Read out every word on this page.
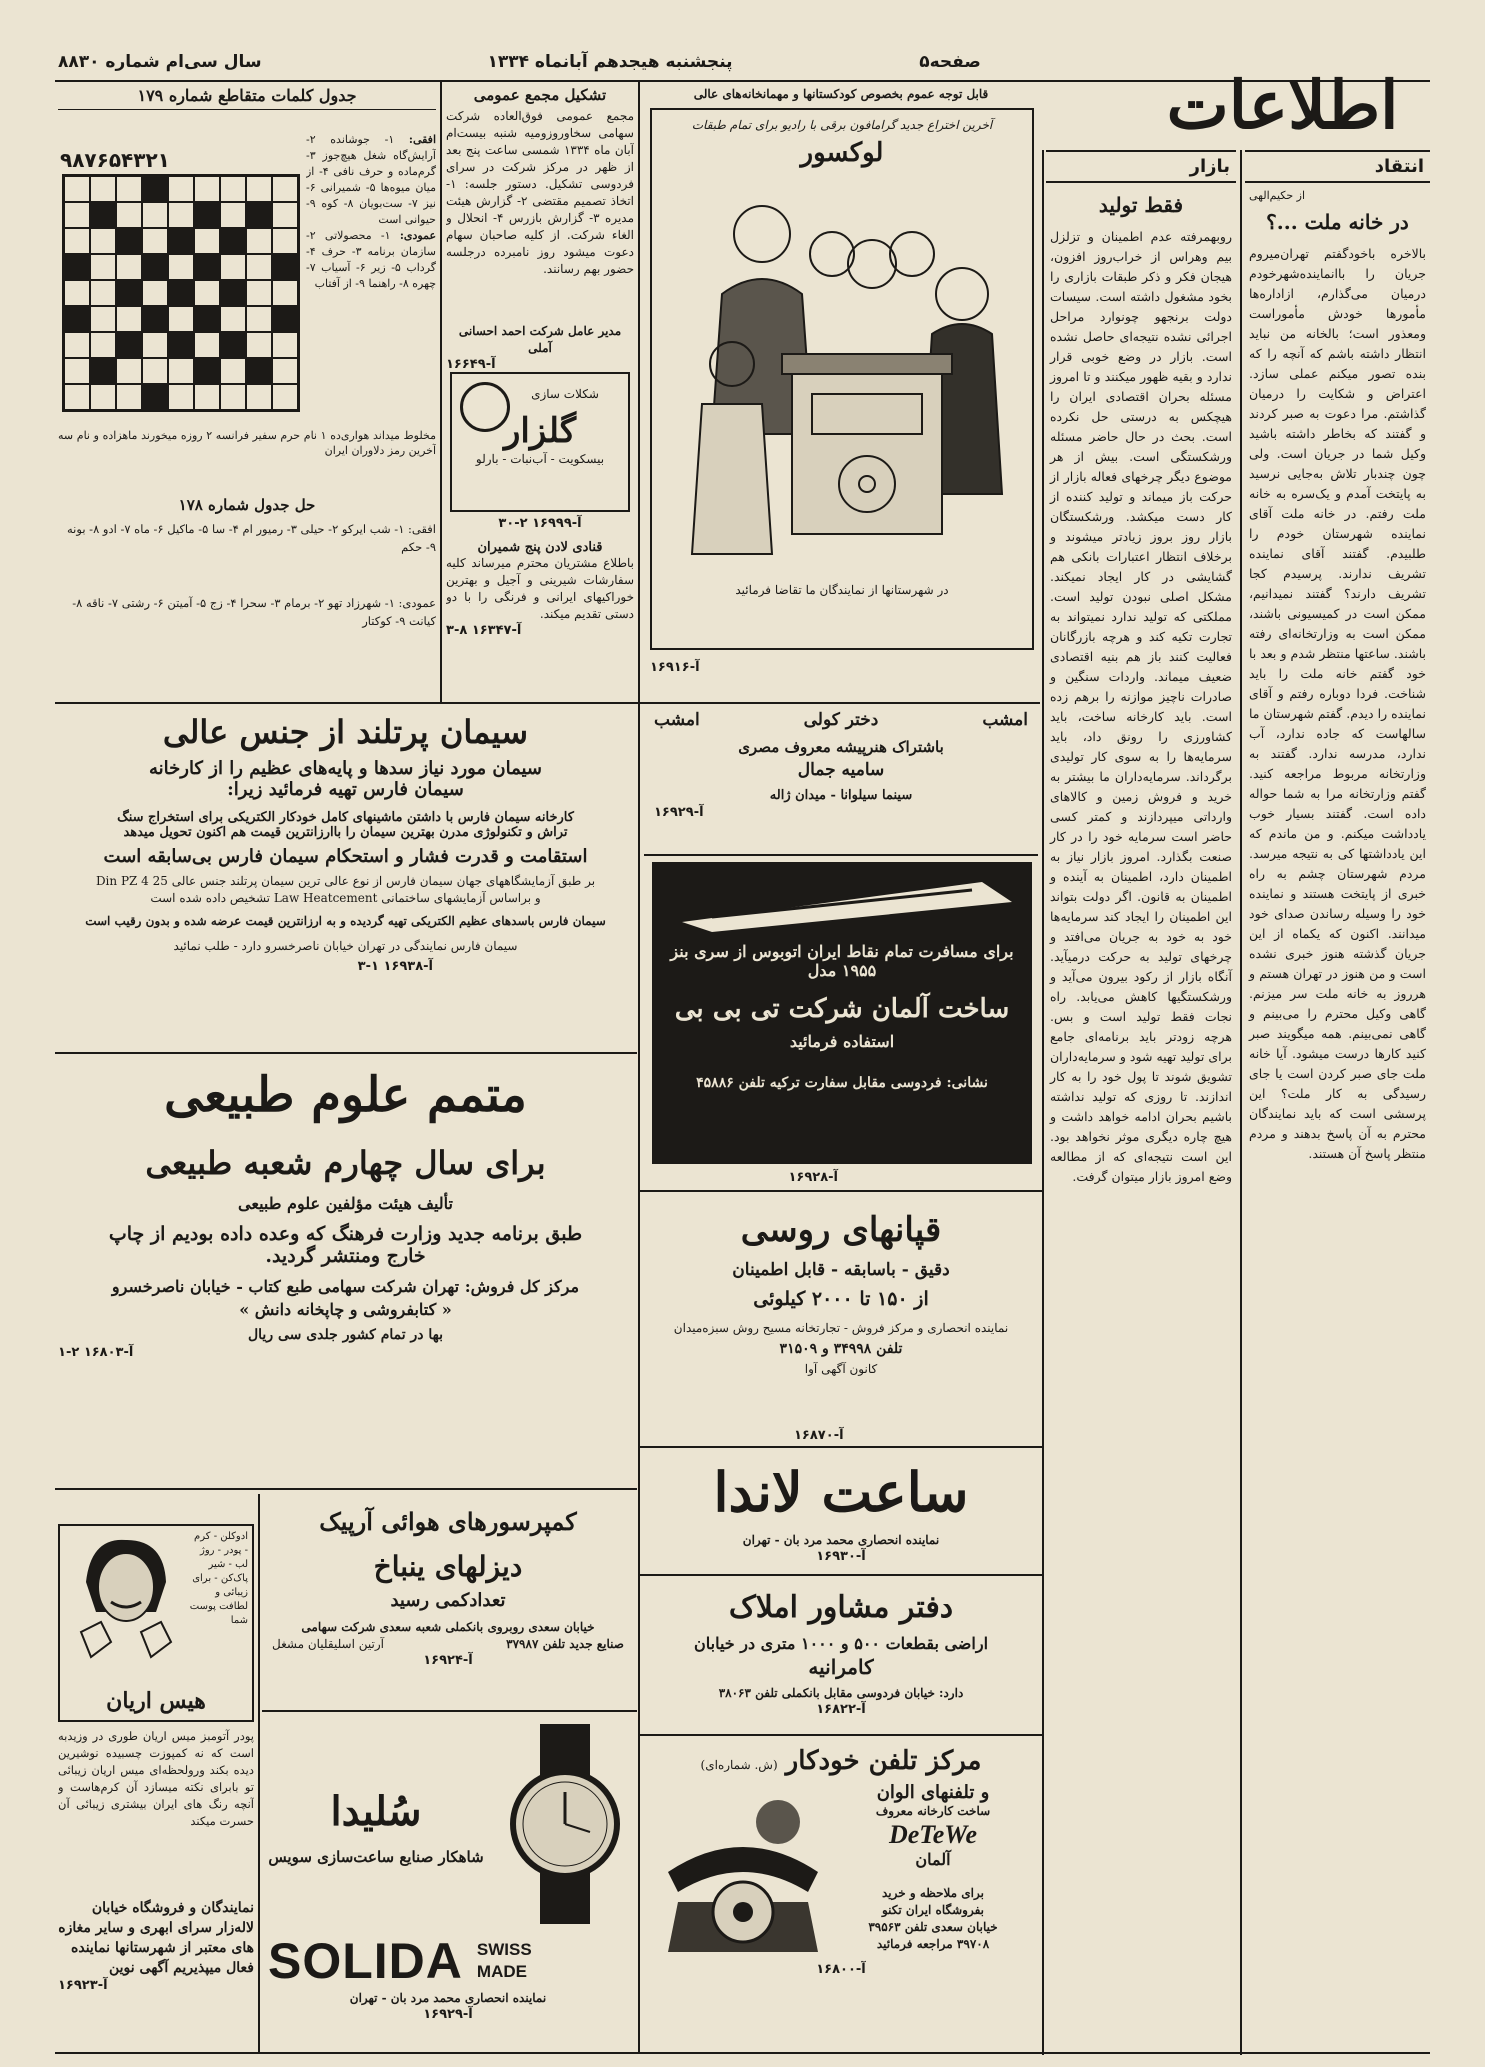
سال سی‌ام شماره ۸۸۳۰	پنجشنبه هیجدهم آبانماه ۱۳۳۴	صفحه۵
اطلاعات
انتقاد
از حکیم‌الهی
در خانه ملت ...؟
بالاخره باخودگفتم تهران‌میروم جریان را باانماینده‌شهرخودم درمیان می‌گذارم، ازاداره‌ها مأمورها خودش مأموراست ومعذور است؛ بالخانه من نباید انتظار داشته باشم که آنچه را که بنده تصور میکنم عملی سازد. اعتراض و شکایت را درمیان گذاشتم. مرا دعوت به صبر کردند و گفتند که بخاطر داشته باشید وکیل شما در جریان است. ولی چون چندبار تلاش به‌جایی نرسید به پایتخت آمدم و یک‌سره به خانه ملت رفتم. در خانه ملت آقای نماینده شهرستان خودم را طلبیدم. گفتند آقای نماینده تشریف ندارند. پرسیدم کجا تشریف دارند؟ گفتند نمیدانیم، ممکن است در کمیسیونی باشند، ممکن است به وزارتخانه‌ای رفته باشند. ساعتها منتظر شدم و بعد با خود گفتم خانه ملت را باید شناخت. فردا دوباره رفتم و آقای نماینده را دیدم. گفتم شهرستان ما سالهاست که جاده ندارد، آب ندارد، مدرسه ندارد. گفتند به وزارتخانه مربوط مراجعه کنید. گفتم وزارتخانه مرا به شما حواله داده است. گفتند بسیار خوب یادداشت میکنم. و من ماندم که این یادداشتها کی به نتیجه میرسد. مردم شهرستان چشم به راه خبری از پایتخت هستند و نماینده خود را وسیله رساندن صدای خود میدانند. اکنون که یکماه از این جریان گذشته هنوز خبری نشده است و من هنوز در تهران هستم و هرروز به خانه ملت سر میزنم. گاهی وکیل محترم را می‌بینم و گاهی نمی‌بینم. همه میگویند صبر کنید کارها درست میشود. آیا خانه ملت جای صبر کردن است یا جای رسیدگی به کار ملت؟ این پرسشی است که باید نمایندگان محترم به آن پاسخ بدهند و مردم منتظر پاسخ آن هستند.
بازار
فقط تولید
روبهمرفته عدم اطمینان و تزلزل بیم وهراس از خراب‌روز افزون، هیجان فکر و ذکر طبقات بازاری را بخود مشغول داشته است. سیسات دولت برنجهو چونوارد مراحل اجرائی نشده نتیجه‌ای حاصل نشده است. بازار در وضع خوبی قرار ندارد و بقیه ظهور میکنند و تا امروز مسئله بحران اقتصادی ایران را هیچکس به درستی حل نکرده است. بحث در حال حاضر مسئله ورشکستگی است. بیش از هر موضوع دیگر چرخهای فعاله بازار از حرکت باز میماند و تولید کننده از کار دست میکشد. ورشکستگان بازار روز بروز زیادتر میشوند و برخلاف انتظار اعتبارات بانکی هم گشایشی در کار ایجاد نمیکند. مشکل اصلی نبودن تولید است. مملکتی که تولید ندارد نمیتواند به تجارت تکیه کند و هرچه بازرگانان فعالیت کنند باز هم بنیه اقتصادی ضعیف میماند. واردات سنگین و صادرات ناچیز موازنه را برهم زده است. باید کارخانه ساخت، باید کشاورزی را رونق داد، باید سرمایه‌ها را به سوی کار تولیدی برگرداند. سرمایه‌داران ما بیشتر به خرید و فروش زمین و کالاهای وارداتی میپردازند و کمتر کسی حاضر است سرمایه خود را در کار صنعت بگذارد. امروز بازار نیاز به اطمینان دارد، اطمینان به آینده و اطمینان به قانون. اگر دولت بتواند این اطمینان را ایجاد کند سرمایه‌ها خود به خود به جریان می‌افتد و چرخهای تولید به حرکت درمیآید. آنگاه بازار از رکود بیرون می‌آید و ورشکستگیها کاهش می‌یابد. راه نجات فقط تولید است و بس. هرچه زودتر باید برنامه‌ای جامع برای تولید تهیه شود و سرمایه‌داران تشویق شوند تا پول خود را به کار اندازند. تا روزی که تولید نداشته باشیم بحران ادامه خواهد داشت و هیچ چاره دیگری موثر نخواهد بود. این است نتیجه‌ای که از مطالعه وضع امروز بازار میتوان گرفت.
قابل توجه عموم بخصوص کودکستانها و مهمانخانه‌های عالی
آخرین اختراع جدید گرامافون برقی با رادیو برای تمام طبقات
لوکسور
در شهرستانها از نمایندگان ما تقاضا فرمائید
آ-۱۶۹۱۶
تشکیل مجمع عمومی
مجمع عمومی فوق‌العاده شرکت سهامی سخاوروزومیه شنبه بیست‌ام آبان ماه ۱۳۳۴ شمسی ساعت پنج بعد از ظهر در مرکز شرکت در سرای فردوسی تشکیل. دستور جلسه: ۱- اتخاذ تصمیم مقتضی ۲- گزارش هیئت مدیره ۳- گزارش بازرس ۴- انحلال و الغاء شرکت. از کلیه صاحبان سهام دعوت میشود روز نامبرده درجلسه حضور بهم رسانند.
مدیر عامل شرکت احمد احسانی آملی
آ-۱۶۶۴۹
شکلات سازی
گلزار
بیسکویت - آب‌نبات - بارلو
آ-۱۶۹۹۹ ۲-۳۰
قنادی لادن پنج شمیران
باطلاع مشتریان محترم میرساند کلیه سفارشات شیرینی و آجیل و بهترین خوراکیهای ایرانی و فرنگی را با دو دستی تقدیم میکند.
آ-۱۶۳۴۷ ۸-۳
جدول کلمات متقاطع شماره ۱۷۹
۹۸۷۶۵۴۳۲۱
افقی: ۱- جوشانده ۲- آرایش‌گاه شغل‌ هیچ‌جوز ۳- گرم‌ماده و حرف نافی ۴- از میان ‌میوه‌ها ۵- شمیرانی ۶- نیز ۷- ست‌بویان ۸- کوه ۹- حیوانی است
عمودی: ۱- محصولاتی ۲- سازمان برنامه ۳- حرف ۴- گرداب ۵- زیر ۶- آسیاب ۷- چهره ۸- راهنما ۹- از آفتاب
مخلوط میداند هواری‌ده ۱ نام حرم سفیر فرانسه ۲ روزه میخورند ماهزاده و نام سه آخرین رمز دلاوران ایران
حل جدول شماره ۱۷۸
افقی: ۱- شب ایرکو ۲- حیلی ۳- رمیور ام ۴- سا ۵- ماکیل ۶- ماه ۷- ادو ۸- بونه ۹- حکم
عمودی: ۱- شهرزاد تهو ۲- برمام ۳- سحرا ۴- زج ۵- آمیتن ۶- رشتی ۷- ناقه ۸- کیانت ۹- کوکتار
سیمان پرتلند از جنس عالی
سیمان مورد نیاز سدها و پایه‌های عظیم را از کارخانه
سیمان فارس تهیه فرمائید زیرا:
کارخانه سیمان فارس با داشتن ماشینهای کامل خودکار الکتریکی برای استخراج سنگ
تراش و تکنولوژی مدرن بهترین سیمان را باارزانترین قیمت هم اکنون تحویل میدهد
استقامت و قدرت فشار و استحکام سیمان فارس بی‌سابقه است
بر طبق آزمایشگاههای جهان سیمان فارس از نوع عالی ترین سیمان پرتلند جنس عالی Din PZ 4 25
و براساس آزمایشهای ساختمانی Law Heatcement تشخیص داده شده است
سیمان فارس باسدهای عظیم الکتریکی تهیه گردیده و به ارزانترین قیمت عرضه شده و بدون رقیب است
سیمان فارس نمایندگی در تهران خیابان ناصرخسرو دارد - طلب نمائید
آ-۱۶۹۳۸ ۱-۳
امشب
دختر کولی
امشب
باشتراک هنرپیشه معروف مصری
سامیه جمال
سینما سیلوانا - میدان ژاله
آ-۱۶۹۲۹
برای مسافرت تمام نقاط ایران اتوبوس از سری بنز ۱۹۵۵ مدل
ساخت آلمان شرکت تی بی بی
استفاده فرمائید
نشانی: فردوسی مقابل سفارت ترکیه تلفن ۴۵۸۸۶
آ-۱۶۹۲۸
متمم علوم طبیعی
برای سال چهارم شعبه طبیعی
تألیف هیئت مؤلفین علوم طبیعی
طبق برنامه جدید وزارت فرهنگ که وعده داده بودیم از چاپ
خارج ومنتشر گردید.
مرکز کل فروش: تهران شرکت سهامی طبع کتاب - خیابان ناصرخسرو
« کتابفروشی و چاپخانه دانش »
بها در تمام کشور جلدی سی ریال
آ-۱۶۸۰۳ ۲-۱
قپانهای روسی
دقیق - باسابقه - قابل اطمینان
از ۱۵۰ تا ۲۰۰۰ کیلوئی
نماینده انحصاری و مرکز فروش - تجارتخانه مسیح روش سبزه‌میدان
تلفن ۳۴۹۹۸ و ۳۱۵۰۹
کانون آگهی آوا
آ-۱۶۸۷۰
ساعت لاندا
نماینده انحصاری محمد مرد بان - تهران
آ-۱۶۹۳۰
دفتر مشاور املاک
اراضی بقطعات ۵۰۰ و ۱۰۰۰ متری در خیابان
کامرانیه
دارد: خیابان فردوسی مقابل بانکملی تلفن ۳۸۰۶۳
آ-۱۶۸۲۲
مرکز تلفن خودکار
(ش. شماره‌ای)
و تلفنهای الوان
ساخت کارخانه معروف
DeTeWe
آلمان
برای ملاحظه و خرید
بفروشگاه ایران تکنو
خیابان سعدی تلفن ۳۹۵۶۳
۳۹۷۰۸ مراجعه فرمائید
آ-۱۶۸۰۰
کمپرسورهای هوائی آرپیک
دیزلهای ینباخ
تعدادکمی رسید
خیابان سعدی روبروی بانکملی شعبه سعدی شرکت سهامی
صنایع جدید تلفن ۳۷۹۸۷
آرتین اسلیقلیان مشغل
آ-۱۶۹۲۴
سُلیدا
شاهکار صنایع ساعت‌سازی سویس
SOLIDA SWISS MADE
نماینده انحصاری محمد مرد بان - تهران
آ-۱۶۹۲۹
ادوکلن - کرم - پودر - روژ لب - شیر پاک‌کن - برای زیبائی و لطافت پوست شما
هیس اریان
پودر آتومبز میس اریان طوری در وزیدبه است که نه کمپوزت چسبیده نوشیرین دیده بکند ورولحظه‌ای میس اریان زیبائی تو بابرای نکته میسازد آن کرم‌هاست و آنچه رنگ های ایران بیشتری زیبائی آن حسرت میکند
نمایندگان و فروشگاه خیابان
لاله‌زار سرای ابهری و سایر مغازه
های معتبر از شهرستانها نماینده
فعال میپذیریم آگهی نوین
آ-۱۶۹۲۳
